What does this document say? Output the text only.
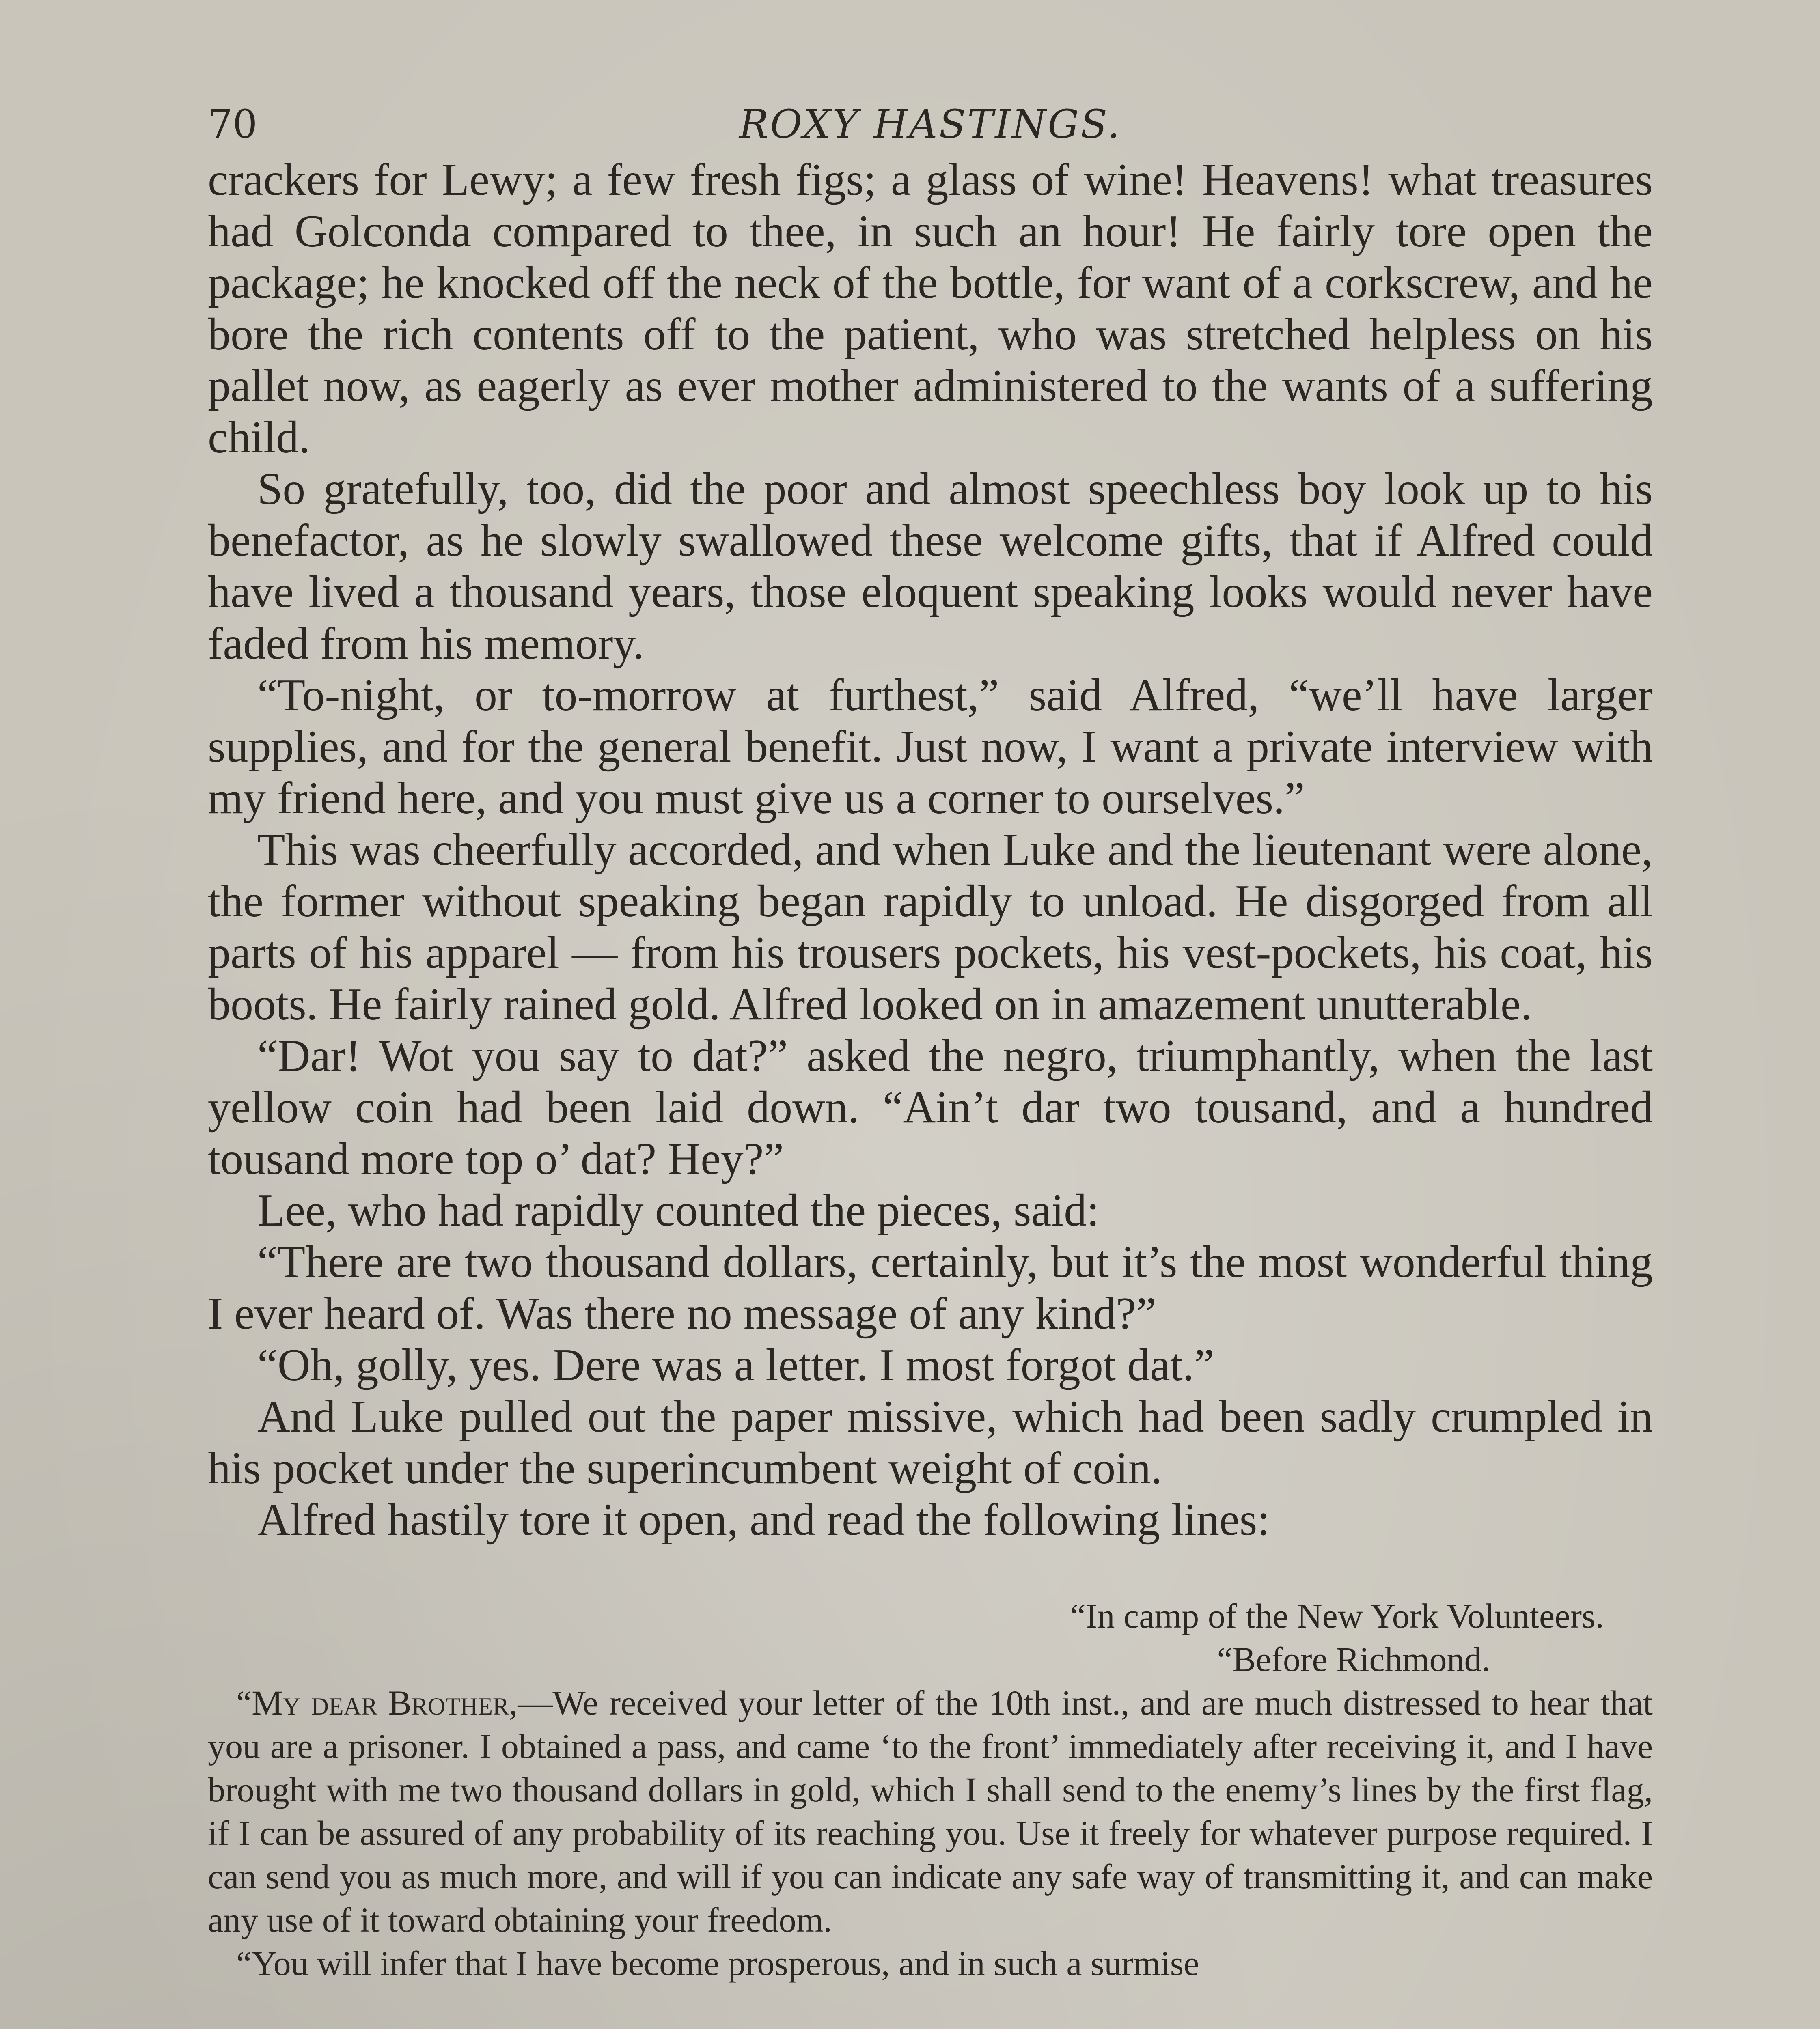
70	ROXY HASTINGS.

crackers for Lewy; a few fresh figs; a glass of wine! Heavens! what treasures had Golconda compared to thee, in such an hour! He fairly tore open the package; he knocked off the neck of the bottle, for want of a corkscrew, and he bore the rich contents off to the patient, who was stretched helpless on his pallet now, as eagerly as ever mother administered to the wants of a suffering child.

So gratefully, too, did the poor and almost speechless boy look up to his benefactor, as he slowly swallowed these welcome gifts, that if Alfred could have lived a thousand years, those eloquent speaking looks would never have faded from his memory.

“To-night, or to-morrow at furthest,” said Alfred, “we’ll have larger supplies, and for the general benefit. Just now, I want a private interview with my friend here, and you must give us a corner to ourselves.”

This was cheerfully accorded, and when Luke and the lieutenant were alone, the former without speaking began rapidly to unload. He disgorged from all parts of his apparel — from his trousers pockets, his vest-pockets, his coat, his boots. He fairly rained gold. Alfred looked on in amazement unutterable.

“Dar! Wot you say to dat?” asked the negro, triumphantly, when the last yellow coin had been laid down. “Ain’t dar two tousand, and a hundred tousand more top o’ dat? Hey?”

Lee, who had rapidly counted the pieces, said:

“There are two thousand dollars, certainly, but it’s the most wonderful thing I ever heard of. Was there no message of any kind?”

“Oh, golly, yes. Dere was a letter. I most forgot dat.”

And Luke pulled out the paper missive, which had been sadly crumpled in his pocket under the superincumbent weight of coin.

Alfred hastily tore it open, and read the following lines:

“In camp of the New York Volunteers.

“Before Richmond.

“My dear Brother,—We received your letter of the 10th inst., and are much distressed to hear that you are a prisoner. I obtained a pass, and came ‘to the front’ immediately after receiving it, and I have brought with me two thousand dollars in gold, which I shall send to the enemy’s lines by the first flag, if I can be assured of any probability of its reaching you. Use it freely for whatever purpose required. I can send you as much more, and will if you can indicate any safe way of transmitting it, and can make any use of it toward obtaining your freedom.

“You will infer that I have become prosperous, and in such a surmise
